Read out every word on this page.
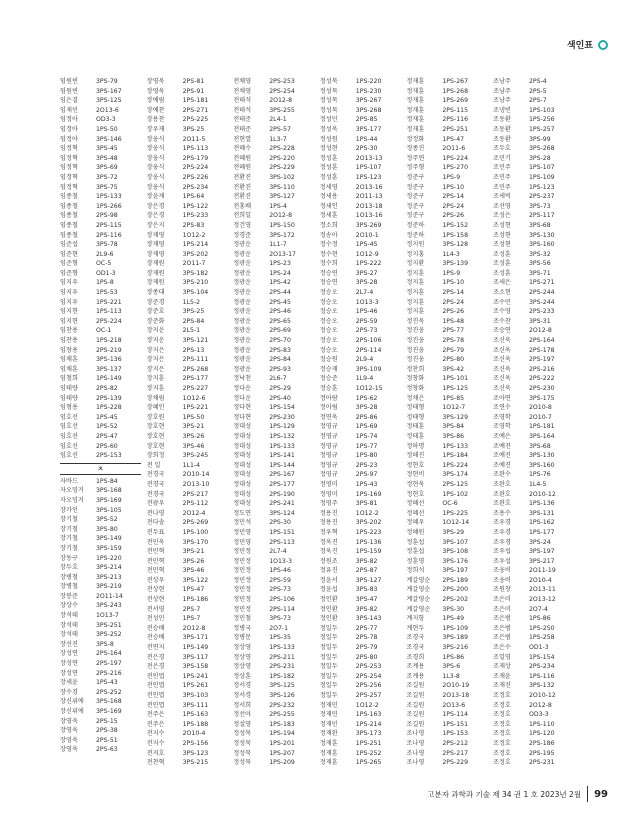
색인표
임원빈	3PS-79
임원빈	3PS-167
임은결	3PS-125
임재민	2O13-6
임정아	OD3-3
임정아	1PS-50
임정아	3PS-146
임정혁	3PS-45
임정혁	3PS-48
임정혁	3PS-69
임정혁	3PS-72
임정혁	3PS-75
임종철	1PS-133
임종철	1PS-266
임종철	2PS-98
임종철	2PS-115
임종철	2PS-116
임준섭	3PS-78
임준현	2L9-6
임준형	OC-5
임준형	OD1-3
임지우	1PS-8
임지우	1PS-53
임지우	1PS-221
임지현	1PS-113
임지현	2PS-224
임찬용	OC-1
임찬용	1PS-218
임창용	2PS-219
임채훈	3PS-136
임채훈	3PS-137
임철희	1PS-149
임태량	2PS-82
임태량	2PS-139
임형용	1PS-228
임호선	1PS-45
임호선	1PS-52
임호선	2PS-47
임호선	2PS-60
임호선	2PS-153
ㅈ
자바드	1PS-84
자오밍거	3PS-168
자오밍거	3PS-169
장가인	3PS-105
장기철	3PS-52
장기철	3PS-80
장기철	3PS-149
장기철	3PS-159
장동구	1PS-220
장두호	3PS-214
장병철	3PS-213
장병철	3PS-219
장봉준	2O11-14
장상수	3PS-243
장석태	1O13-7
장석태	3PS-251
장석태	3PS-252
장선진	3PS-8
장성연	2PS-164
장성연	2PS-197
장성연	2PS-216
장세윤	1PS-43
장수경	2PS-252
장신위에	3PS-168
장신위에	3PS-169
장영욱	2PS-15
장영욱	2PS-38
장영욱	2PS-51
장영욱	2PS-63
장영욱	2PS-81
장영욱	2PS-91
장예림	1PS-181
장예찬	2PS-271
장용찬	2PS-225
장우재	3PS-25
장웅식	2O11-5
장웅식	1PS-113
장웅식	2PS-179
장웅식	2PS-224
장웅식	2PS-226
장웅식	2PS-234
장윤재	1PS-64
장은경	1PS-122
장은경	1PS-233
장은지	2PS-83
장재영	1O12-2
장재영	1PS-214
장재영	3PS-202
장재원	2O11-7
장재원	3PS-182
장재원	3PS-210
장종대	3PS-104
장준경	1L5-2
장준호	3PS-25
장준화	2PS-84
장지운	2L5-1
장지운	3PS-121
장지은	2PS-13
장지은	2PS-111
장지은	2PS-268
장지훈	2PS-177
장지훈	2PS-227
장채림	1O12-6
장혜인	1PS-221
장호원	1PS-50
장호현	3PS-21
장호현	3PS-26
장호현	3PS-46
장희정	3PS-245
전 일	1L1-4
전경국	2O10-14
전경국	2O13-10
전경국	2PS-217
전광우	2PS-112
전나영	2O12-4
전다솔	2PS-269
전두표	1PS-100
전민욱	3PS-170
전민혁	3PS-21
전민혁	3PS-26
전민혁	3PS-46
전상우	3PS-122
전상현	1PS-47
전상현	1PS-186
전서영	2PS-7
전성민	1PS-7
전승배	2O12-8
전승배	3PS-171
전연지	1PS-149
전은경	3PS-117
전은경	3PS-158
전인엽	1PS-241
전인엽	1PS-261
전인엽	3PS-103
전인엽	3PS-111
전주은	1PS-163
전주은	1PS-188
전지수	2O10-4
전지수	2PS-156
전지호	3PS-123
전찬혁	3PS-215
전채영	2PS-253
전채영	2PS-254
전태석	2O12-8
전태석	3PS-255
전태준	2L4-1
전태준	2PS-57
전현열	1L3-7
전혜수	2PS-228
전혜원	2PS-220
전혜원	2PS-229
전환진	3PS-102
전환진	3PS-110
전환진	3PS-127
전홍배	1PS-4
전희일	2O12-8
정건영	1PS-150
정경준	3PS-172
정광운	1L1-7
정광운	2O13-17
정광운	1PS-23
정광운	1PS-24
정광운	1PS-42
정광운	2PS-44
정광운	2PS-45
정광운	2PS-46
정광운	2PS-65
정광운	2PS-69
정광운	2PS-70
정광운	2PS-83
정광운	2PS-84
정광운	2PS-93
정낙천	2L6-7
정다운	2PS-29
정다운	2PS-40
정다현	1PS-154
정다현	2PS-230
정대성	1PS-129
정대성	1PS-132
정대성	1PS-133
정대성	1PS-141
정대성	1PS-144
정대성	2PS-167
정대성	2PS-177
정대성	2PS-190
정대성	2PS-241
정도연	3PS-124
정민석	2PS-30
정민영	1PS-151
정민영	2PS-113
정민정	2L7-4
정민정	1O13-3
정민정	1PS-46
정민정	2PS-59
정민정	2PS-73
정민정	2PS-106
정민정	2PS-114
정민철	3PS-73
정병국	2O7-1
정병문	1PS-35
정상영	1PS-133
정상영	2PS-211
정상영	2PS-231
정상훈	1PS-182
정서경	3PS-125
정서경	3PS-126
정서희	2PS-232
정선아	2PS-255
정설영	1PS-183
정성묵	1PS-194
정성묵	1PS-201
정성묵	1PS-207
정성묵	1PS-209
정성묵	1PS-220
정성묵	1PS-230
정성묵	3PS-267
정성묵	3PS-268
정성민	2PS-85
정성욱	3PS-177
정성원	1PS-44
정성현	2PS-30
정성훈	2O13-13
정성훈	1PS-107
정성훈	1PS-123
정세영	2O13-16
정세용	2O11-13
정세인	2O13-18
정세훈	1O13-16
정소희	3PS-269
정송아	2O10-1
정수정	1PS-45
정수현	1O12-9
정수희	1PS-222
정승연	3PS-27
정승연	3PS-28
정승오	2L7-4
정승오	1O13-3
정승오	1PS-46
정승오	2PS-59
정승오	2PS-73
정승오	2PS-106
정승오	2PS-114
정승원	2L9-4
정승재	3PS-109
정승준	1L9-4
정승훈	1O12-15
정아람	1PS-62
정아림	3PS-28
정연욱	2PS-86
정영규	1PS-69
정영규	1PS-74
정영규	1PS-77
정영규	1PS-80
정영규	2PS-23
정영규	2PS-97
정영미	1PS-43
정영미	1PS-169
정영주	3PS-81
정용진	1O12-2
정용진	3PS-202
정우혁	1PS-223
정욱진	1PS-136
정욱진	1PS-159
정원조	3PS-82
정유진	2PS-87
정윤서	3PS-127
정윤섭	3PS-83
정인환	3PS-47
정인환	3PS-82
정인환	3PS-143
정일두	2PS-77
정일두	2PS-78
정일두	2PS-79
정일두	2PS-80
정일두	2PS-253
정일두	2PS-254
정일두	2PS-256
정일두	2PS-257
정재민	1O12-2
정재민	1PS-163
정재민	1PS-214
정재완	3PS-173
정재훈	1PS-251
정재훈	1PS-252
정재훈	1PS-265
정재훈	1PS-267
정재훈	1PS-268
정재훈	1PS-269
정재훈	2PS-115
정재훈	2PS-116
정재훈	2PS-251
정정화	1PS-47
정종진	2O11-6
정주연	1PS-224
정주형	1PS-270
정준구	1PS-9
정준구	1PS-10
정준구	2PS-14
정준구	2PS-24
정준구	2PS-26
정준하	1PS-152
정준하	1PS-158
정지원	3PS-128
정지홍	1L4-3
정지환	3PS-139
정지훈	1PS-9
정지훈	1PS-10
정지훈	2PS-14
정지훈	2PS-24
정지훈	2PS-26
정진욱	1PS-48
정진웅	2PS-77
정진웅	2PS-78
정진웅	2PS-79
정진웅	2PS-80
정찬희	3PS-42
정창화	1PS-101
정창화	1PS-125
정채은	1PS-85
정태형	1O12-7
정태형	3PS-129
정태훈	3PS-84
정태훈	3PS-86
정하명	1PS-133
정해진	1PS-184
정현호	1PS-224
정현비	3PS-174
정현욱	2PS-125
정현호	1PS-102
정혜선	OC-6
정혜선	1PS-225
정혜우	1O12-14
정혜원	3PS-29
정훈섭	3PS-107
정훈섭	3PS-108
정훈영	3PS-176
정희석	3PS-197
계갈영순	2PS-189
계갈영순	2PS-200
계갈영순	2PS-202
계갈영순	3PS-30
계지항	1PS-49
계현두	1PS-109
조경국	3PS-189
조경국	3PS-216
조경희	1PS-86
조계용	3PS-6
조계용	1L3-8
조길원	2O10-19
조길원	2O13-18
조길원	2O13-6
조길원	1PS-114
조길원	1PS-151
조나영	1PS-153
조나영	2PS-212
조나영	2PS-217
조나영	2PS-229
조남주	2PS-4
조남주	2PS-5
조남주	2PS-7
조냉빈	1PS-103
조동환	1PS-256
조동환	1PS-257
조동환	3PS-99
조두호	3PS-268
조민기	3PS-28
조민주	1PS-107
조민주	1PS-109
조민주	1PS-123
조세빅	2PS-237
조선영	3PS-73
조성은	2PS-117
조성현	3PS-68
조성현	3PS-130
조성현	3PS-160
조성훈	3PS-32
조성훈	3PS-56
조성훈	3PS-71
조세은	1PS-271
조소현	2PS-244
조수민	3PS-244
조수영	2PS-233
조수찬	3PS-31
조승연	2O12-8
조신욱	2PS-164
조신욱	2PS-178
조신욱	2PS-197
조신욱	2PS-216
조신욱	2PS-222
조신욱	2PS-230
조아연	3PS-175
조연수	2O10-8
조영학	2O10-7
조영학	1PS-181
조예은	3PS-164
조예진	3PS-68
조예진	3PS-130
조예진	3PS-160
조완수	1PS-76
조완호	1L4-5
조완호	2O10-12
조완호	1PS-136
조용수	3PS-131
조우경	1PS-162
조우경	1PS-177
조우경	3PS-24
조우섭	3PS-197
조우섭	3PS-217
조웅비	2O11-19
조웅비	2O10-4
조원창	2O13-11
조은미	2O13-12
조은미	2O7-4
조은범	1PS-86
조은범	1PS-250
조은범	1PS-258
조은수	OD1-3
조일영	1PS-154
조재상	2PS-234
조재윤	1PS-116
조재진	3PS-132
조정호	2O10-12
조정호	2O12-8
조정호	OD3-3
조정호	1PS-110
조정호	1PS-120
조정호	2PS-186
조정호	2PS-195
조정호	2PS-231
고분자 과학과 기술 제 34 권 1 호 2023년 2월 99
